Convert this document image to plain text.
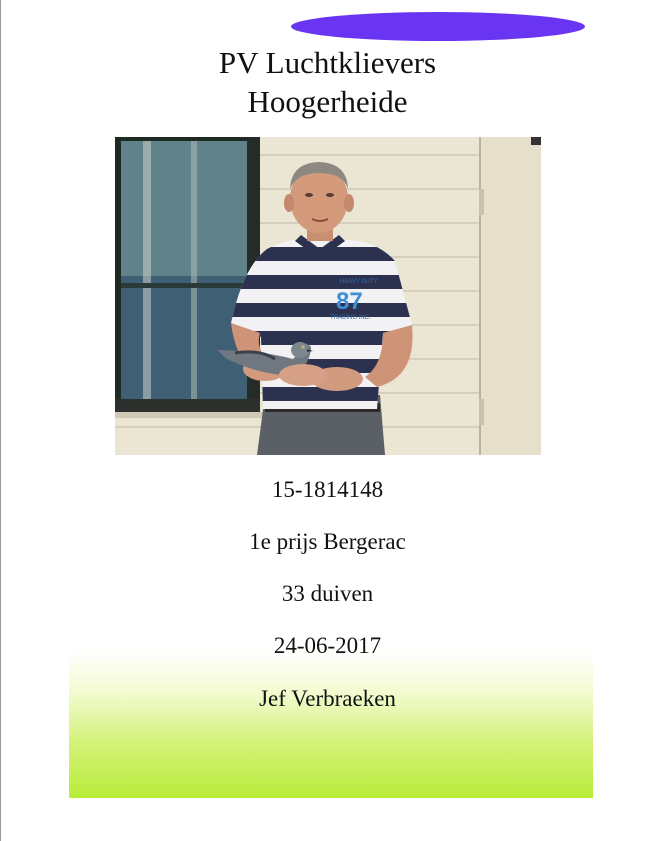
PV Luchtklievers
Hoogerheide
HEAVY DUTY
87
TRADING INC.
15-1814148
1e prijs Bergerac
33 duiven
24-06-2017
Jef Verbraeken
